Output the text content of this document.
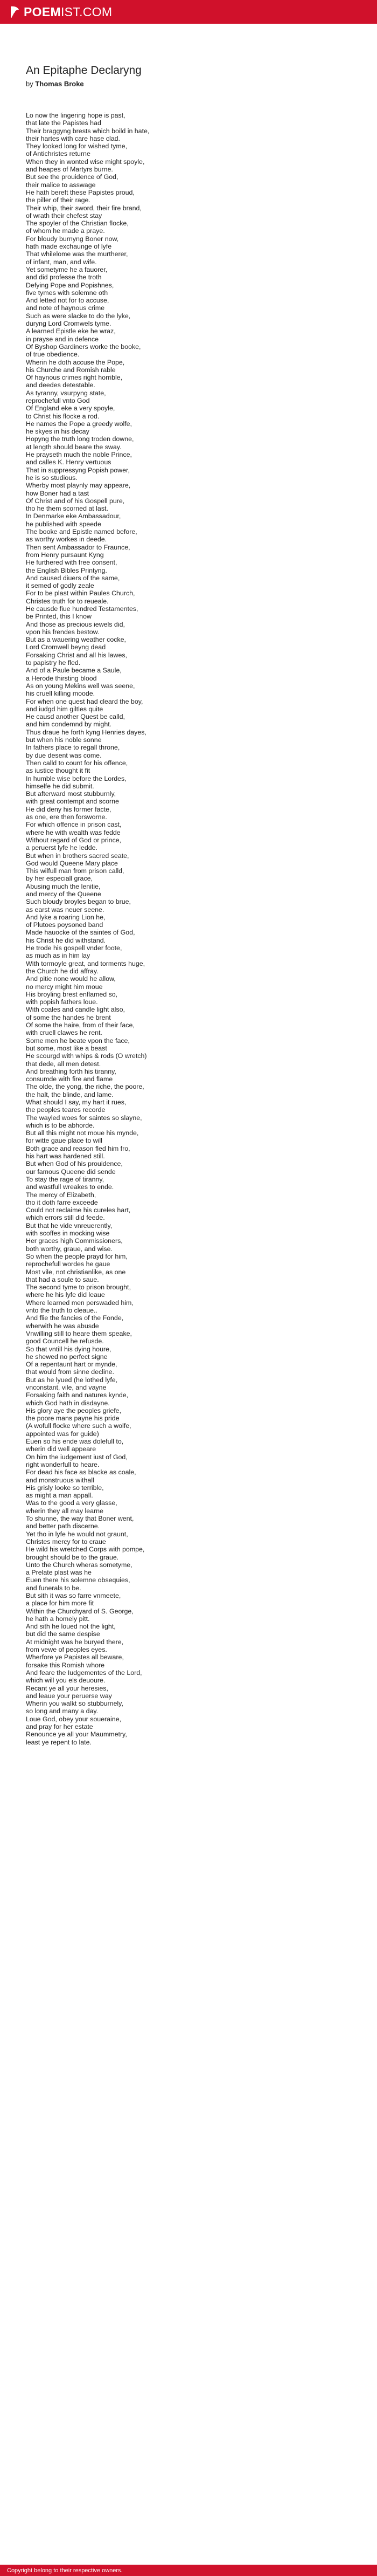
POEMIST.COM
An Epitaphe Declaryng
by Thomas Broke
Lo now the lingering hope is past,
that late the Papistes had
Their braggyng brests which boild in hate,
their hartes with care hase clad.
They looked long for wished tyme,
of Antichristes returne
When they in wonted wise might spoyle,
and heapes of Martyrs burne.
But see the prouidence of God,
their malice to asswage
He hath bereft these Papistes proud,
the piller of their rage.
Their whip, their sword, their fire brand,
of wrath their chefest stay
The spoyler of the Christian flocke,
of whom he made a praye.
For bloudy burnyng Boner now,
hath made exchaunge of lyfe
That whilelome was the murtherer,
of infant, man, and wife.
Yet sometyme he a fauorer,
and did professe the troth
Defying Pope and Popishnes,
five tymes with solemne oth
And letted not for to accuse,
and note of haynous crime
Such as were slacke to do the lyke,
duryng Lord Cromwels tyme.
A learned Epistle eke he wraz,
in prayse and in defence
Of Byshop Gardiners worke the booke,
of true obedience.
Wherin he doth accuse the Pope,
his Churche and Romish rable
Of haynous crimes right horrible,
and deedes detestable.
As tyranny, vsurpyng state,
reprochefull vnto God
Of England eke a very spoyle,
to Christ his flocke a rod.
He names the Pope a greedy wolfe,
he skyes in his decay
Hopyng the truth long troden downe,
at length should beare the sway.
He prayseth much the noble Prince,
and calles K. Henry vertuous
That in suppressyng Popish power,
he is so studious.
Wherby most playnly may appeare,
how Boner had a tast
Of Christ and of his Gospell pure,
tho he them scorned at last.
In Denmarke eke Ambassadour,
he published with speede
The booke and Epistle named before,
as worthy workes in deede.
Then sent Ambassador to Fraunce,
from Henry pursaunt Kyng
He furthered with free consent,
the English Bibles Printyng.
And caused diuers of the same,
it semed of godly zeale
For to be plast within Paules Church,
Christes truth for to reueale.
He causde fiue hundred Testamentes,
be Printed, this I know
And those as precious iewels did,
vpon his frendes bestow.
But as a wauering weather cocke,
Lord Cromwell beyng dead
Forsaking Christ and all his lawes,
to papistry he fled.
And of a Paule became a Saule,
a Herode thirsting blood
As on young Mekins well was seene,
his cruell killing moode.
For when one quest had cleard the boy,
and iudgd him giltles quite
He causd another Quest be calld,
and him condemnd by might.
Thus draue he forth kyng Henries dayes,
but when his noble sonne
In fathers place to regall throne,
by due desent was come.
Then calld to count for his offence,
as iustice thought it fit
In humble wise before the Lordes,
himselfe he did submit.
But afterward most stubburnly,
with great contempt and scorne
He did deny his former facte,
as one, ere then forsworne.
For which offence in prison cast,
where he with wealth was fedde
Without regard of God or prince,
a peruerst lyfe he ledde.
But when in brothers sacred seate,
God would Queene Mary place
This wilfull man from prison calld,
by her especiall grace,
Abusing much the lenitie,
and mercy of the Queene
Such bloudy broyles began to brue,
as earst was neuer seene.
And lyke a roaring Lion he,
of Plutoes poysoned band
Made hauocke of the saintes of God,
his Christ he did withstand.
He trode his gospell vnder foote,
as much as in him lay
With tormoyle great, and torments huge,
the Church he did affray.
And pitie none would he allow,
no mercy might him moue
His broyling brest enflamed so,
with popish fathers loue.
With coales and candle light also,
of some the handes he brent
Of some the haire, from of their face,
with cruell clawes he rent.
Some men he beate vpon the face,
but some, most like a beast
He scourgd with whips & rods (O wretch)
that dede, all men detest.
And breathing forth his tiranny,
consumde with fire and flame
The olde, the yong, the riche, the poore,
the halt, the blinde, and lame.
What should I say, my hart it rues,
the peoples teares recorde
The wayled woes for saintes so slayne,
which is to be abhorde.
But all this might not moue his mynde,
for witte gaue place to will
Both grace and reason fled him fro,
his hart was hardened still.
But when God of his prouidence,
our famous Queene did sende
To stay the rage of tiranny,
and wastfull wreakes to ende.
The mercy of Elizabeth,
tho it doth farre exceede
Could not reclaime his cureles hart,
which errors still did feede.
But that he vide vnreuerently,
with scoffes in mocking wise
Her graces high Commissioners,
both worthy, graue, and wise.
So when the people prayd for him,
reprochefull wordes he gaue
Most vile, not christianlike, as one
that had a soule to saue.
The second tyme to prison brought,
where he his lyfe did leaue
Where learned men perswaded him,
vnto the truth to cleaue..
And flie the fancies of the Fonde,
wherwith he was abusde
Vnwilling still to heare them speake,
good Councell he refusde.
So that vntill his dying houre,
he shewed no perfect signe
Of a repentaunt hart or mynde,
that would from sinne decline.
But as he lyued (he lothed lyfe,
vnconstant, vile, and vayne
Forsaking faith and natures kynde,
which God hath in disdayne.
His glory aye the peoples griefe,
the poore mans payne his pride
(A wofull flocke where such a wolfe,
appointed was for guide)
Euen so his ende was dolefull to,
wherin did well appeare
On him the iudgement iust of God,
right wonderfull to heare.
For dead his face as blacke as coale,
and monstruous withall
His grisly looke so terrible,
as might a man appall.
Was to the good a very glasse,
wherin they all may learne
To shunne, the way that Boner went,
and better path discerne.
Yet tho in lyfe he would not graunt,
Christes mercy for to craue
He wild his wretched Corps with pompe,
brought should be to the graue.
Unto the Church wheras sometyme,
a Prelate plast was he
Euen there his solemne obsequies,
and funerals to be.
But sith it was so farre vnmeete,
a place for him more fit
Within the Churchyard of S. George,
he hath a homely pitt.
And sith he loued not the light,
but did the same despise
At midnight was he buryed there,
from vewe of peoples eyes.
Wherfore ye Papistes all beware,
forsake this Romish whore
And feare the Iudgementes of the Lord,
which will you els deuoure.
Recant ye all your heresies,
and leaue your peruerse way
Wherin you walkt so stubburnely,
so long and many a day.
Loue God, obey your soueraine,
and pray for her estate
Renounce ye all your Maummetry,
least ye repent to late.
Copyright belong to their respective owners.
